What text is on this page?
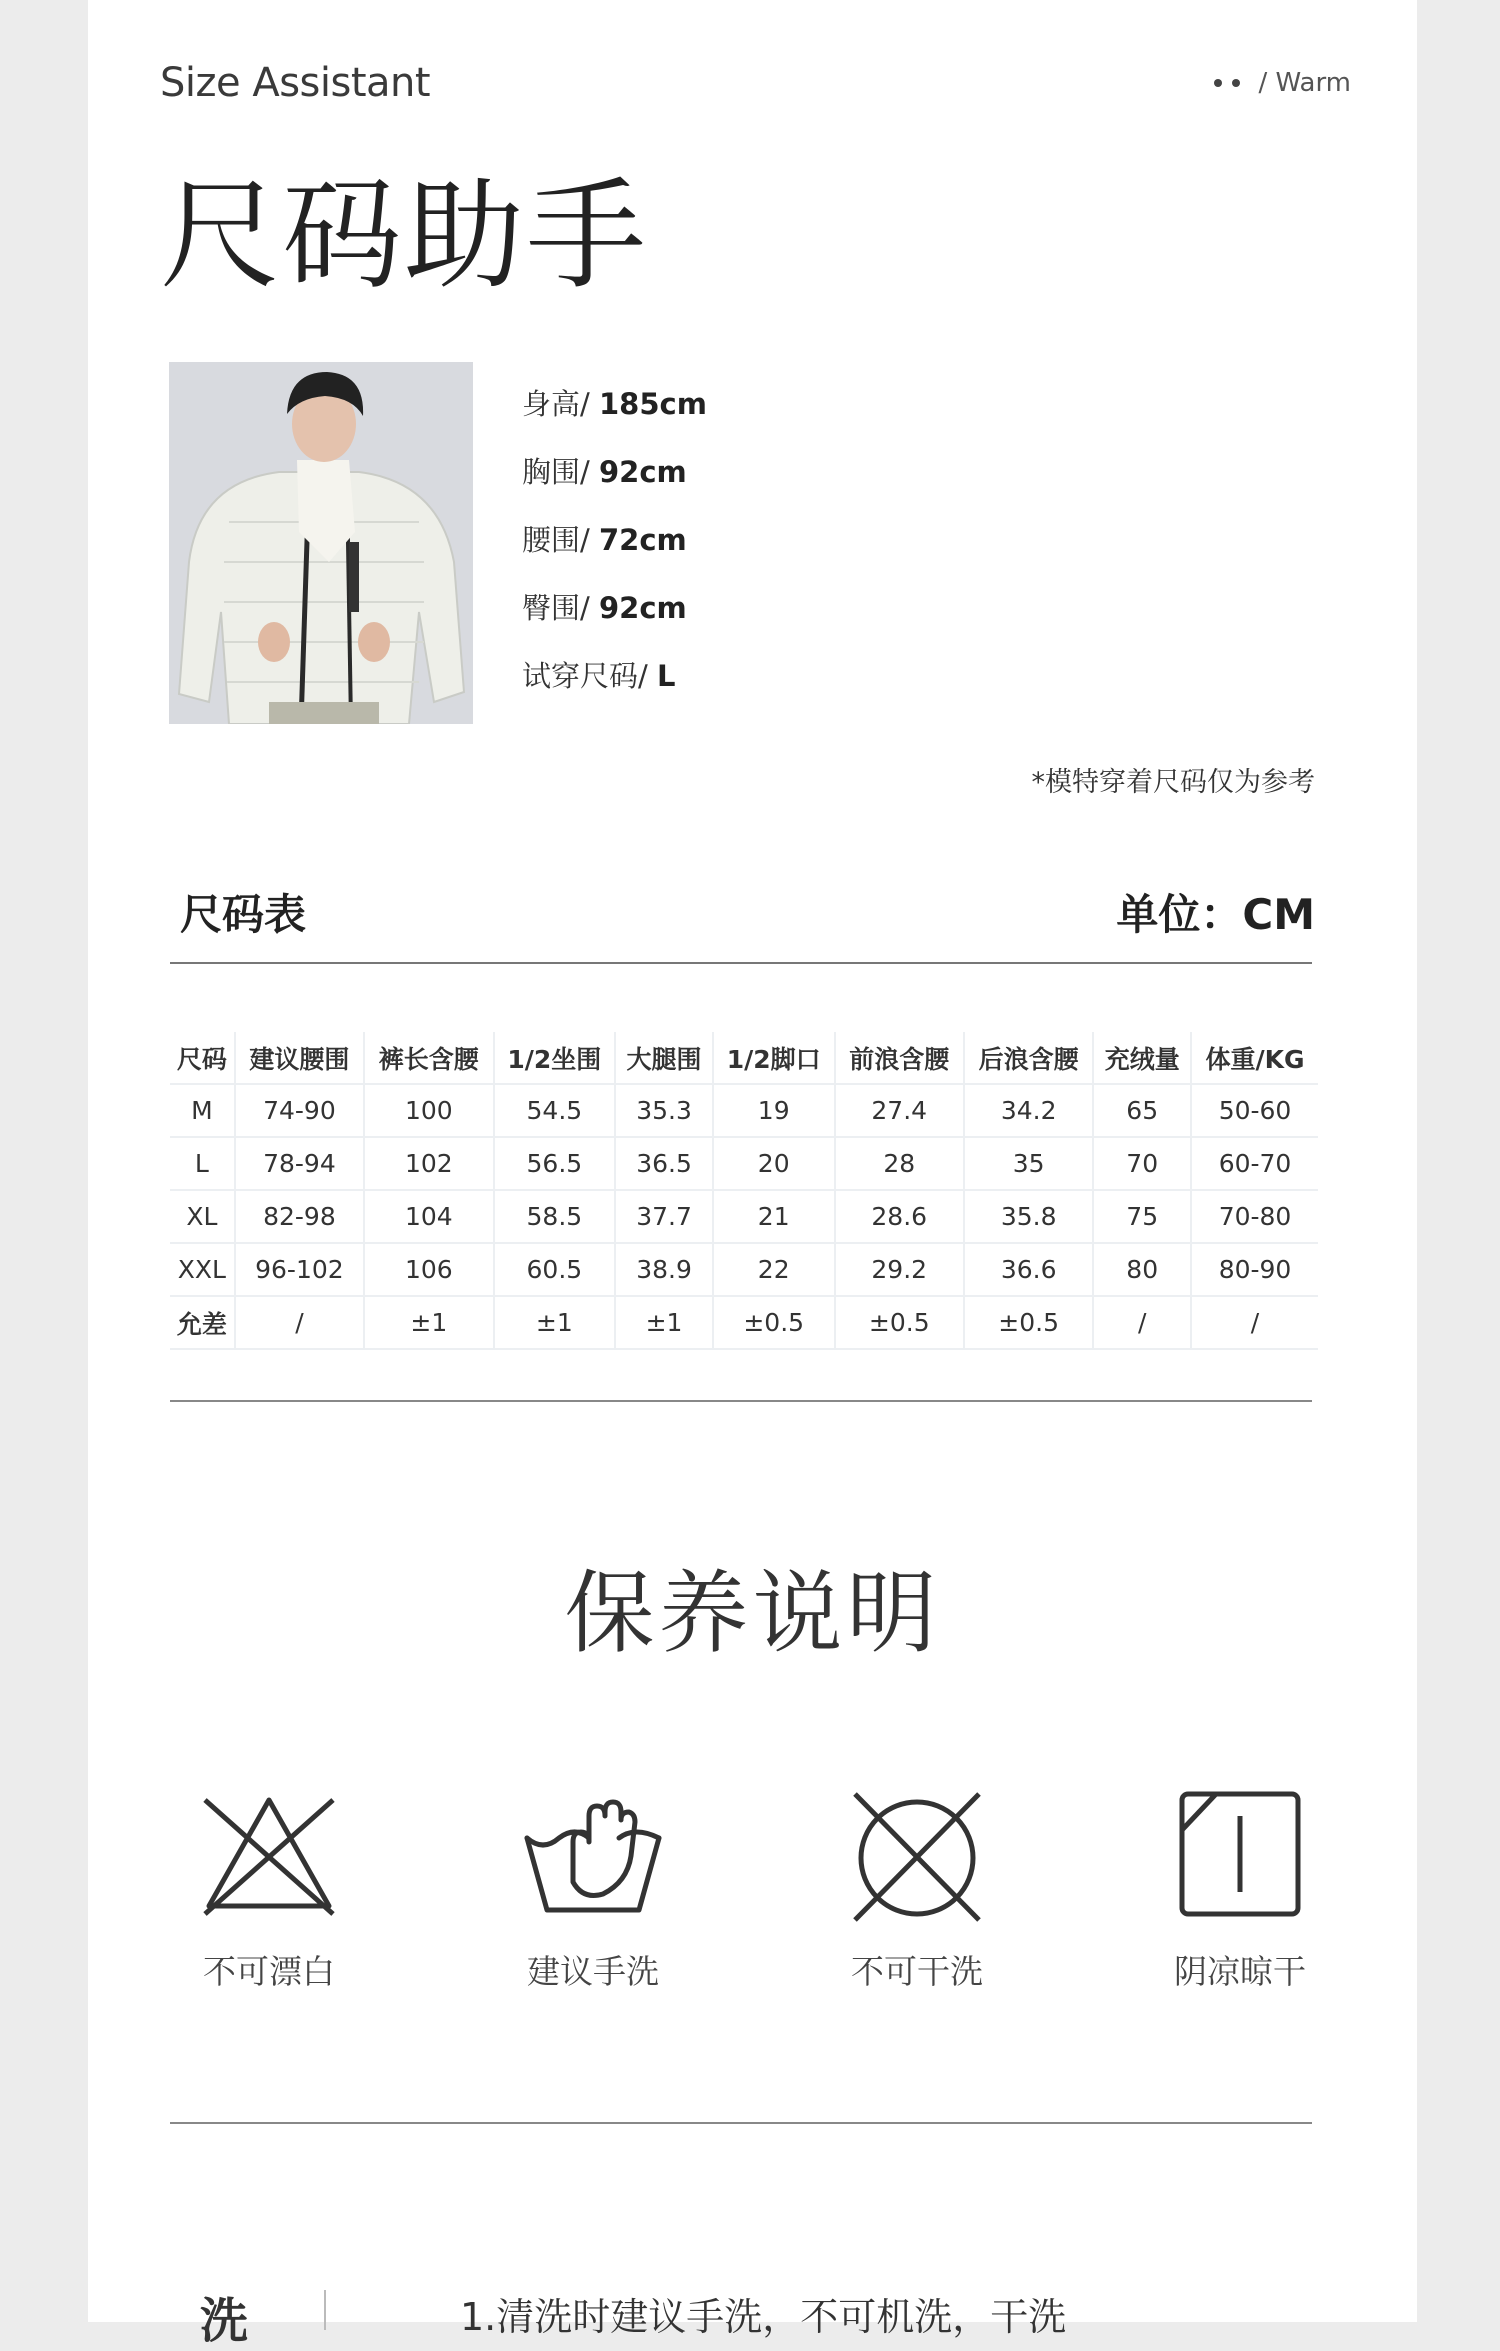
Size Assistant	/ Warm
尺码助手
身高/ 185cm
胸围/ 92cm
腰围/ 72cm
臀围/ 92cm
试穿尺码/ L
*模特穿着尺码仅为参考
尺码表	单位：CM
尺码	建议腰围	裤长含腰	1/2坐围	大腿围	1/2脚口	前浪含腰	后浪含腰	充绒量	体重/KG
M	74-90	100	54.5	35.3	19	27.4	34.2	65	50-60
L	78-94	102	56.5	36.5	20	28	35	70	60-70
XL	82-98	104	58.5	37.7	21	28.6	35.8	75	70-80
XXL	96-102	106	60.5	38.9	22	29.2	36.6	80	80-90
允差	/	±1	±1	±1	±0.5	±0.5	±0.5	/	/
保养说明
不可漂白	建议手洗	不可干洗	阴凉晾干
洗	1.清洗时建议手洗，不可机洗，干洗
